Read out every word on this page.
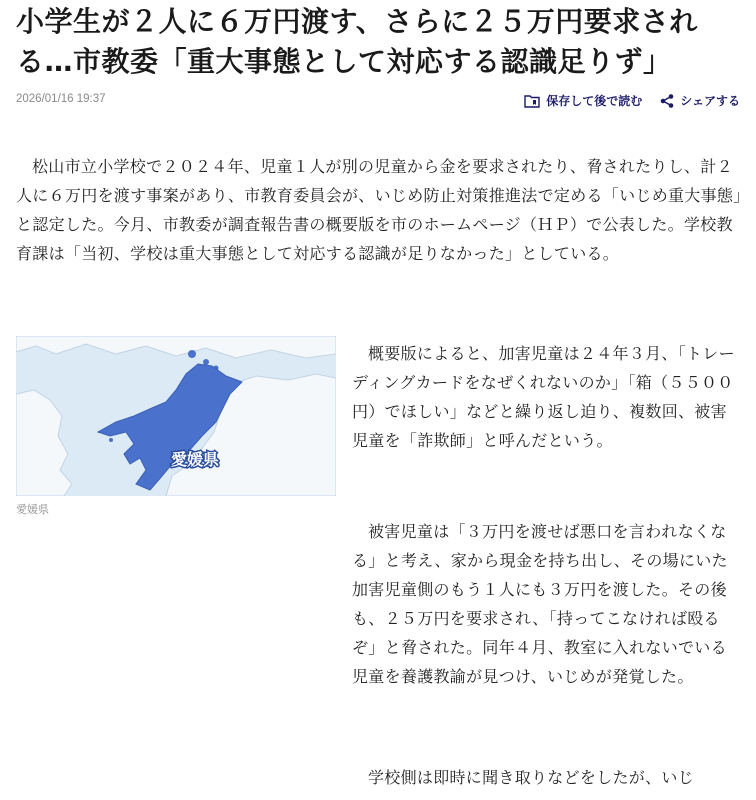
小学生が２人に６万円渡す、さらに２５万円要求される…市教委「重大事態として対応する認識足りず」
2026/01/16 19:37	保存して後で読む	シェアする

松山市立小学校で２０２４年、児童１人が別の児童から金を要求されたり、脅されたりし、計２人に６万円を渡す事案があり、市教育委員会が、いじめ防止対策推進法で定める「いじめ重大事態」と認定した。今月、市教委が調査報告書の概要版を市のホームページ（ＨＰ）で公表した。学校教育課は「当初、学校は重大事態として対応する認識が足りなかった」としている。

愛媛県
愛媛県

概要版によると、加害児童は２４年３月、「トレーディングカードをなぜくれないのか」「箱（５５００円）でほしい」などと繰り返し迫り、複数回、被害児童を「詐欺師」と呼んだという。

被害児童は「３万円を渡せば悪口を言われなくなる」と考え、家から現金を持ち出し、その場にいた加害児童側のもう１人にも３万円を渡した。その後も、２５万円を要求され、「持ってこなければ殴るぞ」と脅された。同年４月、教室に入れないでいる児童を養護教諭が見つけ、いじめが発覚した。

学校側は即時に聞き取りなどをしたが、いじ
